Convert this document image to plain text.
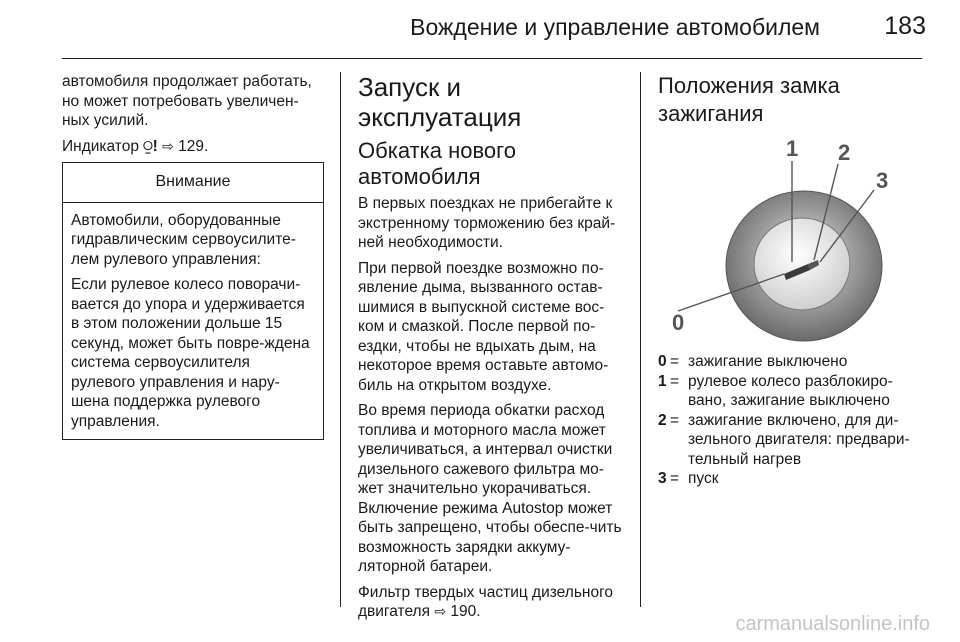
Вождение и управление автомобилем	183

автомобиля продолжает работать, но может потребовать увеличен-ных усилий.

Индикатор ⍜! ⇨ 129.

Внимание

Автомобили, оборудованные гидравлическим сервоусилите-лем рулевого управления:

Если рулевое колесо поворачи-вается до упора и удерживается в этом положении дольше 15 секунд, может быть повре-ждена система сервоусилителя рулевого управления и нару-шена поддержка рулевого управления.

Запуск и эксплуатация
Обкатка нового автомобиля

В первых поездках не прибегайте к экстренному торможению без край-ней необходимости.

При первой поездке возможно по-явление дыма, вызванного остав-шимися в выпускной системе вос-ком и смазкой. После первой по-ездки, чтобы не вдыхать дым, на некоторое время оставьте автомо-биль на открытом воздухе.

Во время периода обкатки расход топлива и моторного масла может увеличиваться, а интервал очистки дизельного сажевого фильтра мо-жет значительно укорачиваться. Включение режима Autostop может быть запрещено, чтобы обеспе-чить возможность зарядки аккуму-ляторной батареи.

Фильтр твердых частиц дизельного двигателя ⇨ 190.

Положения замка зажигания
0
1 2
3
0 = зажигание выключено
1 = рулевое колесо разблокиро-вано, зажигание выключено
2 = зажигание включено, для ди-зельного двигателя: предвари-тельный нагрев
3 = пуск
carmanualsonline.info
